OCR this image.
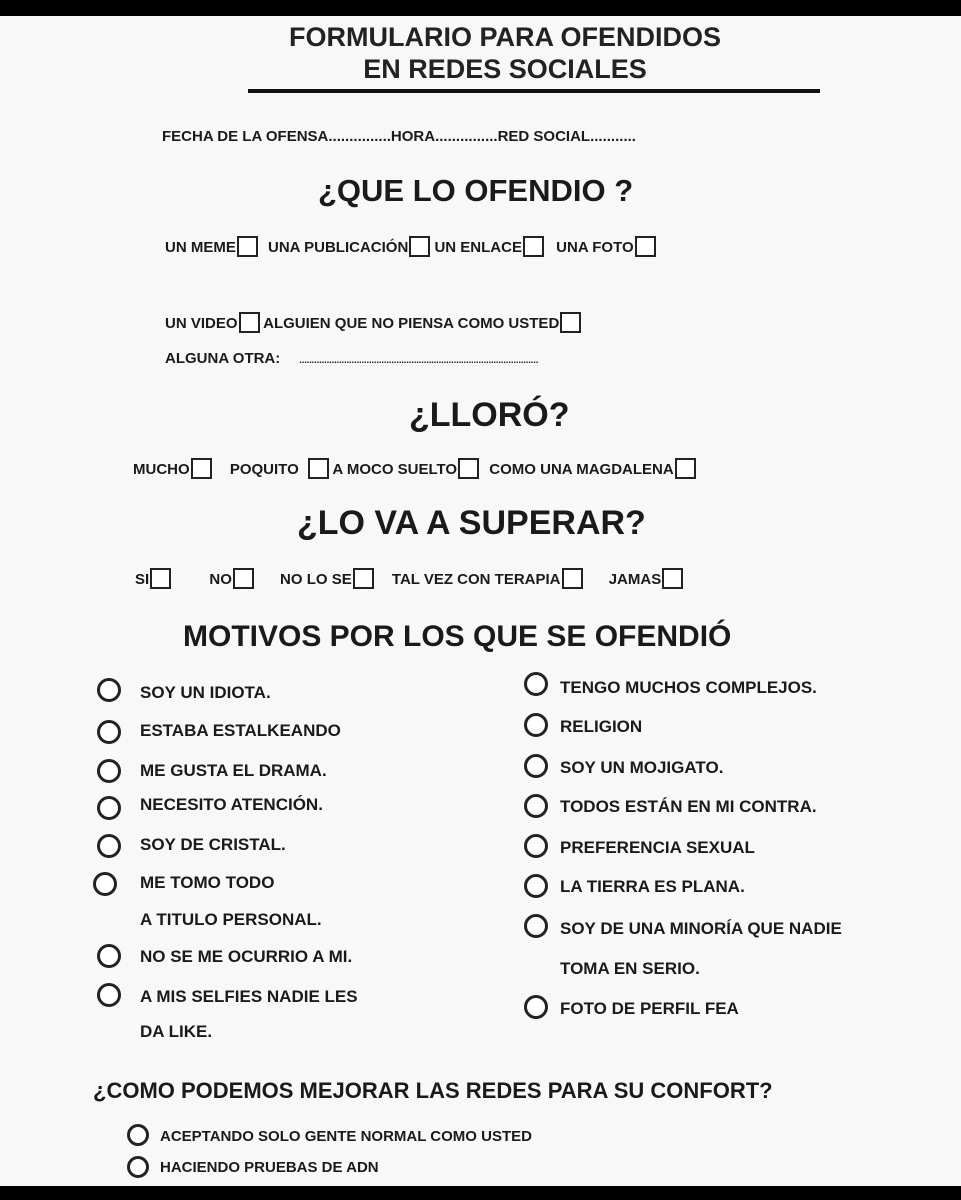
FORMULARIO PARA OFENDIDOS
EN REDES SOCIALES
FECHA DE LA OFENSA...............HORA...............RED SOCIAL...........
¿QUE LO OFENDIO ?
UN MEME UNA PUBLICACIÓN UN ENLACE UNA FOTO
UN VIDEO ALGUIEN QUE NO PIENSA COMO USTED
ALGUNA OTRA: ................................................................................................
¿LLORÓ?
MUCHO	POQUITO A MOCO SUELTO COMO UNA MAGDALENA
¿LO VA A SUPERAR?
SI	NO	NO LO SE	TAL VEZ CON TERAPIA	JAMAS
MOTIVOS POR LOS QUE SE OFENDIÓ
SOY UN IDIOTA.
ESTABA ESTALKEANDO
ME GUSTA EL DRAMA.
NECESITO ATENCIÓN.
SOY DE CRISTAL.
ME TOMO TODO
A TITULO PERSONAL.
NO SE ME OCURRIO A MI.
A MIS SELFIES NADIE LES
DA LIKE.
TENGO MUCHOS COMPLEJOS.
RELIGION
SOY UN MOJIGATO.
TODOS ESTÁN EN MI CONTRA.
PREFERENCIA SEXUAL
LA TIERRA ES PLANA.
SOY DE UNA MINORÍA QUE NADIE
TOMA EN SERIO.
FOTO DE PERFIL FEA
¿COMO PODEMOS MEJORAR LAS REDES PARA SU CONFORT?
ACEPTANDO SOLO GENTE NORMAL COMO USTED
HACIENDO PRUEBAS DE ADN
